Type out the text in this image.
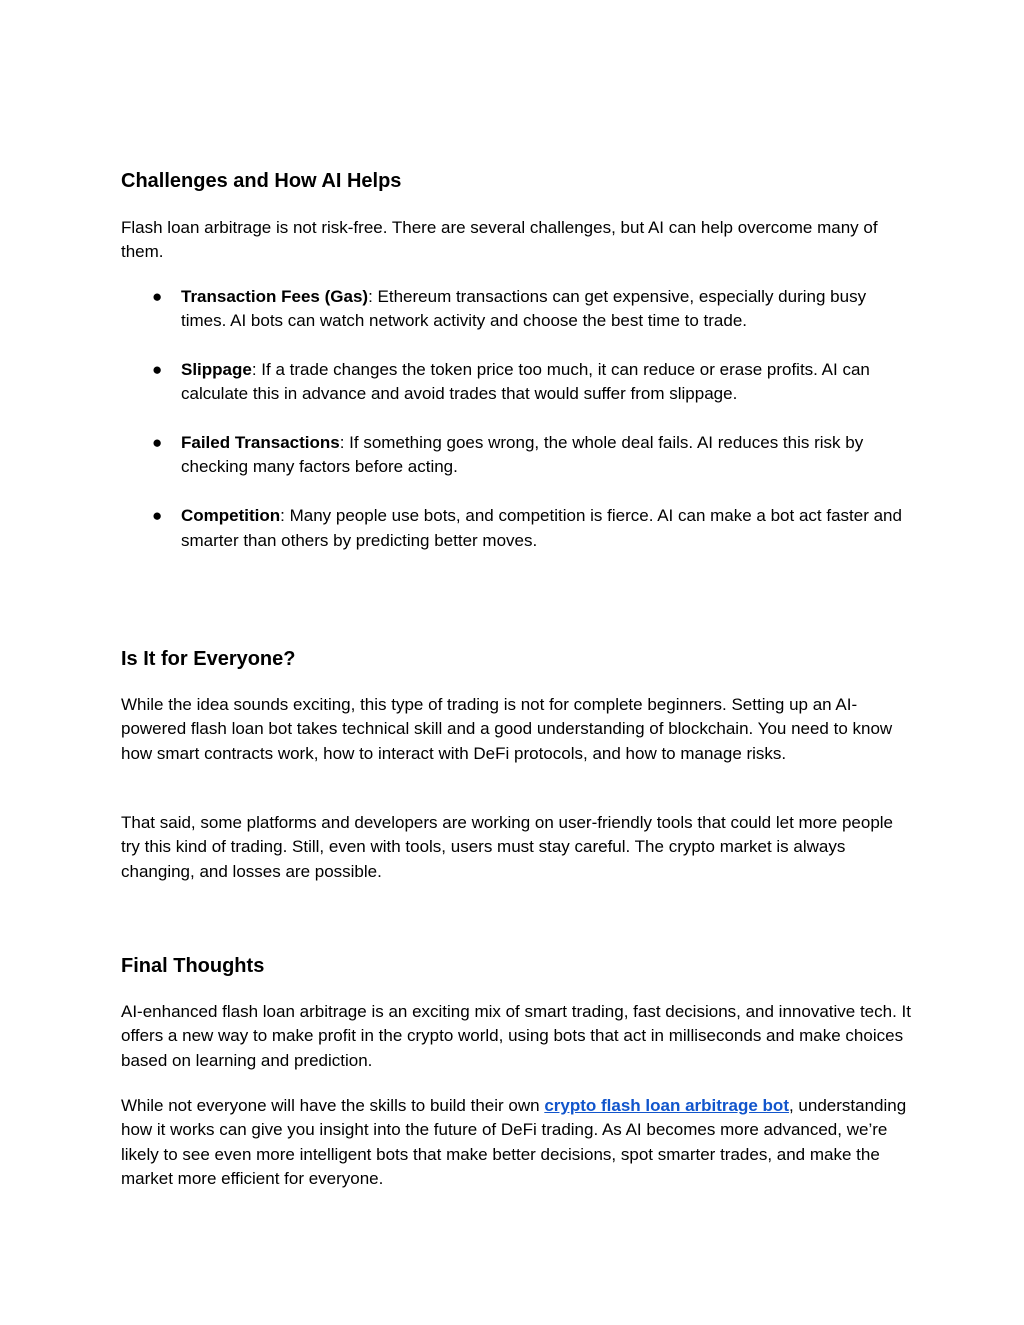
Challenges and How AI Helps

Flash loan arbitrage is not risk-free. There are several challenges, but AI can help overcome many of them.

● Transaction Fees (Gas): Ethereum transactions can get expensive, especially during busy times. AI bots can watch network activity and choose the best time to trade.
● Slippage: If a trade changes the token price too much, it can reduce or erase profits. AI can calculate this in advance and avoid trades that would suffer from slippage.
● Failed Transactions: If something goes wrong, the whole deal fails. AI reduces this risk by checking many factors before acting.
● Competition: Many people use bots, and competition is fierce. AI can make a bot act faster and smarter than others by predicting better moves.
Is It for Everyone?

While the idea sounds exciting, this type of trading is not for complete beginners. Setting up an AI-powered flash loan bot takes technical skill and a good understanding of blockchain. You need to know how smart contracts work, how to interact with DeFi protocols, and how to manage risks.

That said, some platforms and developers are working on user-friendly tools that could let more people try this kind of trading. Still, even with tools, users must stay careful. The crypto market is always changing, and losses are possible.

Final Thoughts

AI-enhanced flash loan arbitrage is an exciting mix of smart trading, fast decisions, and innovative tech. It offers a new way to make profit in the crypto world, using bots that act in milliseconds and make choices based on learning and prediction.

While not everyone will have the skills to build their own crypto flash loan arbitrage bot, understanding how it works can give you insight into the future of DeFi trading. As AI becomes more advanced, we’re likely to see even more intelligent bots that make better decisions, spot smarter trades, and make the market more efficient for everyone.
